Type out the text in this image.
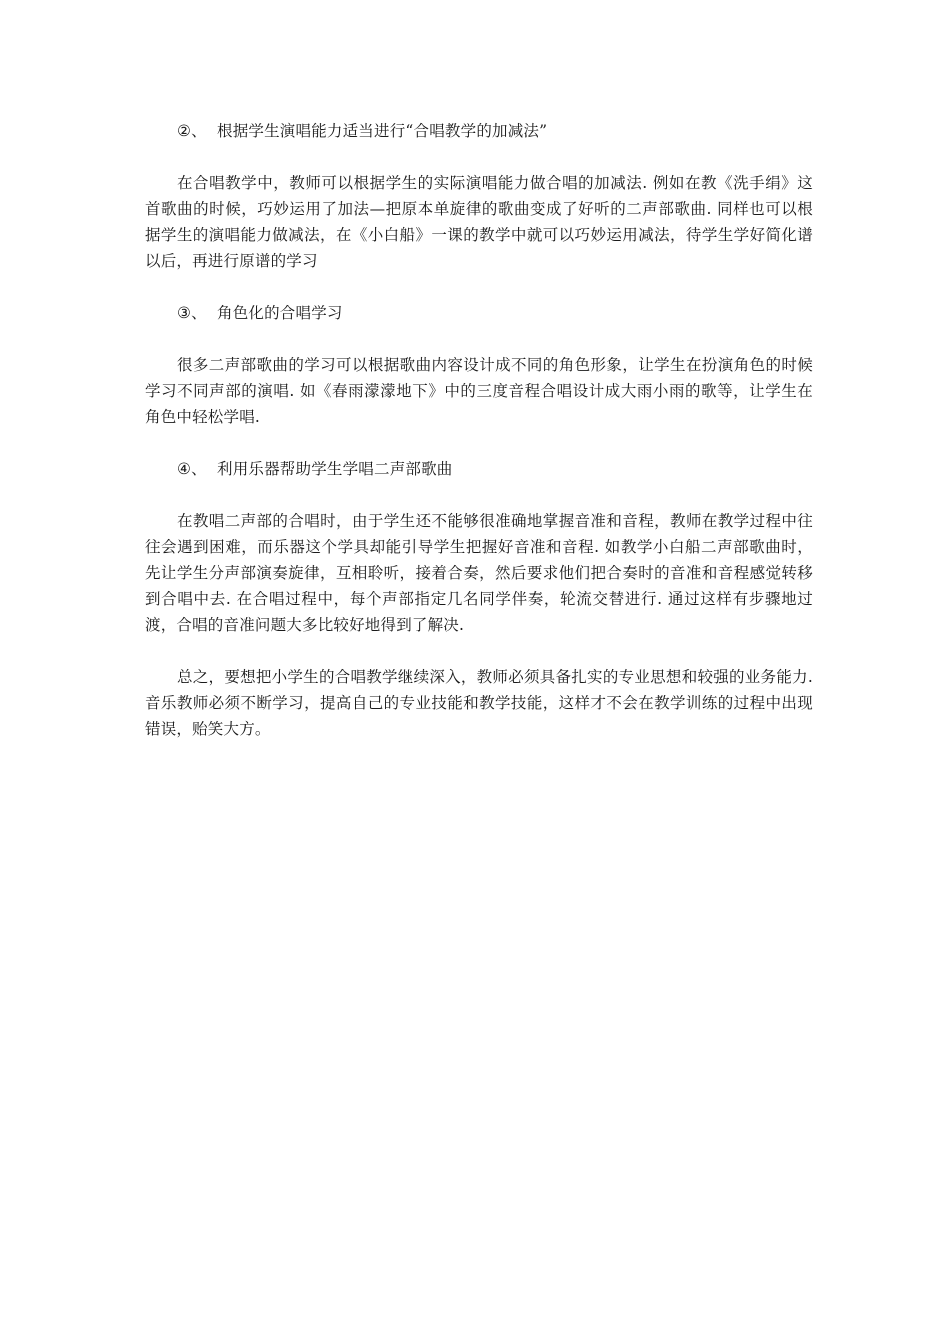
②、 根据学生演唱能力适当进行“合唱教学的加减法”

在合唱教学中，教师可以根据学生的实际演唱能力做合唱的加减法. 例如在教《洗手绢》这首歌曲的时候，巧妙运用了加法—把原本单旋律的歌曲变成了好听的二声部歌曲. 同样也可以根据学生的演唱能力做减法，在《小白船》一课的教学中就可以巧妙运用减法，待学生学好简化谱以后，再进行原谱的学习

③、 角色化的合唱学习

很多二声部歌曲的学习可以根据歌曲内容设计成不同的角色形象，让学生在扮演角色的时候学习不同声部的演唱. 如《春雨濛濛地下》中的三度音程合唱设计成大雨小雨的歌等，让学生在角色中轻松学唱.

④、 利用乐器帮助学生学唱二声部歌曲

在教唱二声部的合唱时，由于学生还不能够很准确地掌握音准和音程，教师在教学过程中往往会遇到困难，而乐器这个学具却能引导学生把握好音准和音程. 如教学小白船二声部歌曲时，先让学生分声部演奏旋律，互相聆听，接着合奏，然后要求他们把合奏时的音准和音程感觉转移到合唱中去. 在合唱过程中，每个声部指定几名同学伴奏，轮流交替进行. 通过这样有步骤地过渡，合唱的音准问题大多比较好地得到了解决.

总之，要想把小学生的合唱教学继续深入，教师必须具备扎实的专业思想和较强的业务能力. 音乐教师必须不断学习，提高自己的专业技能和教学技能，这样才不会在教学训练的过程中出现错误，贻笑大方。
